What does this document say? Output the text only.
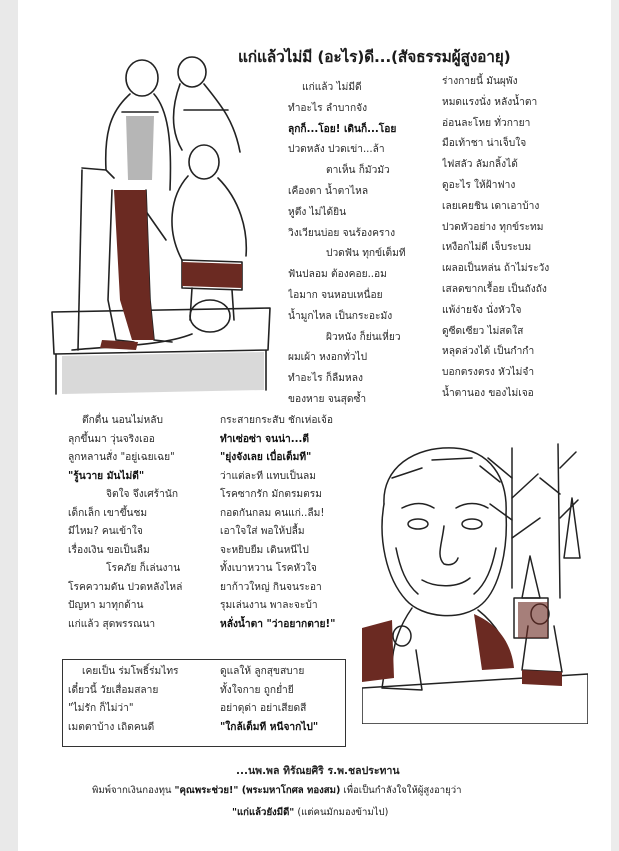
แก่แล้วไม่มี (อะไร)ดี...(สัจธรรมผู้สูงอายุ)
แก่แล้ว ไม่มีดี
ทำอะไร ลำบากจัง
ลุกก็...โอย! เดินก็...โอย
ปวดหลัง ปวดเข่า...ล้า
ตาเห็น ก็มัวมัว
เคืองตา น้ำตาไหล
หูตึง ไม่ได้ยิน
วิงเวียนบ่อย จนร้องคราง
ปวดฟัน ทุกข์เต็มที
ฟันปลอม ต้องคอย..อม
ไอมาก จนหอบเหนื่อย
น้ำมูกไหล เป็นกระอะมัง
ผิวหนัง ก็ย่นเหี่ยว
ผมเผ้า หงอกทั่วไป
ทำอะไร ก็ลืมหลง
ของหาย จนสุดซ้ำ
ร่างกายนี้ มันผุพัง
หมดแรงนั่ง หลังน้ำตา
อ่อนละโหย ทั่วกายา
มือเท้าชา น่าเจ็บใจ
ไฟสลัว ลัมกลิ้งได้
ดูอะไร ให้ฝ้าฟาง
เลยเคยชิน เดาเอาบ้าง
ปวดหัวอย่าง ทุกข์ระทม
เหงือกไม่ดี เจ็บระบม
เผลอเป็นหล่น ถ้าไม่ระวัง
เสลดขากเรื้อย เป็นถังถัง
แพ้ง่ายจัง นั่งหัวใจ
ดูซีดเซียว ไม่สดใส
หลุดล่วงได้ เป็นกำกำ
บอกตรงตรง หัวไม่จำ
น้ำตานอง ของไม่เจอ
ตึกดื่น นอนไม่หลับ
ลุกขึ้นมา วุ่นจริงเออ
ลูกหลานสั่ง "อยู่เฉยเฉย"
"รู้นวาย มันไม่ดี"
จิตใจ จึงเศร้านัก
เด็กเล็ก เขาขึ้นชม
มีไหม? คนเข้าใจ
เรื่องเงิน ขอเป็นลืม
โรคภัย ก็เล่นงาน
โรคความดัน ปวดหลังไหล่
ปัญหา มาทุกด้าน
แก่แล้ว สุดพรรณนา
กระสายกระสับ ชักเห่อเจ้อ
ทำเซ่อซ่า จนน่า...ตี
"ยุ่งจังเลย เบื่อเต็มที"
ว่าแต่ละที แทบเป็นลม
โรคซากรัก มักตรมตรม
กอดกันกลม คนแก่..ลืม!
เอาใจใส่ พอให้ปลื้ม
จะหยิบยืม เดินหนีไป
ทั้งเบาหวาน โรคหัวใจ
ยาก้าวใหญ่ กินจนระอา
รุมเล่นงาน พาละจะบ้า
หลั่งน้ำตา "ว่าอยากตาย!"
เคยเป็น ร่มโพธิ์ร่มไทร
เดี๋ยวนี้ วัยเสื่อมสลาย
"ไม่รัก ก็ไม่ว่า"
เมตตาบ้าง เถิดคนดี
ดูแลให้ ลูกสุขสบาย
ทั้งใจกาย ถูกย่ำยี
อย่าดุด่า อย่าเสียดสี
"ใกล้เต็มที หนีจากไป"
...นพ.พล ทิรัณยศิริ ร.พ.ชลประทาน
พิมพ์จากเงินกองทุน "คุณพระช่วย!" (พระมหาโกศล ทองสม) เพื่อเป็นกำลังใจให้ผู้สูงอายุว่า
"แก่แล้วยังมีดี" (แต่คนมักมองข้ามไป)
